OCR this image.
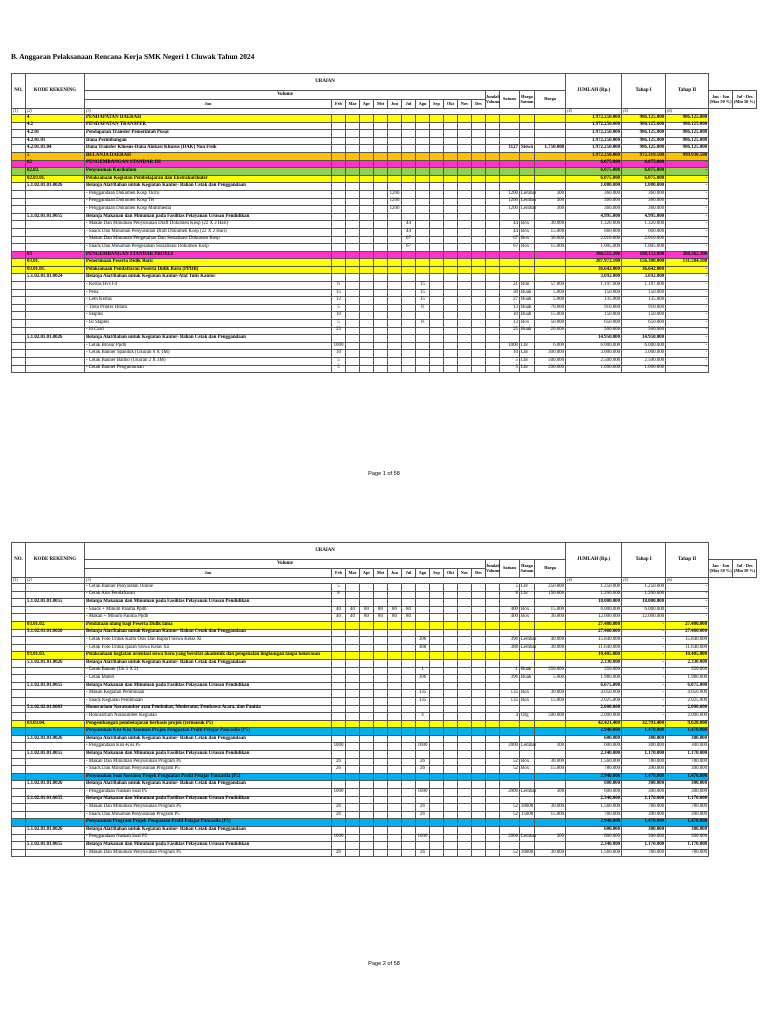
B. Anggaran Pelaksanaan Rencana Kerja SMK Negeri 1 Cluwak Tahun 2024
NO.	KODE REKENING	URAIAN																JUMLAH (Rp.)	Tahap I	Tahap II		
		Volume												Jumlah Volume	Satuan	Harga Satuan	Harga				Jan - Jun (Max 50 %)	Jul - Des (Min 50 %)
		Jan	Feb	Mar	Apr	Mei	Jun	Jul	Agu	Sep	Okt	Nov	Des									
(1)	(2)	(3)																(4)	(5)	(6)		
	4	PENDAPATAN DAERAH																1.972.250.000	986.125.000	986.125.000		
	4.2	PENDAPATAN TRANSFER																1.972.250.000	986.125.000	986.125.000		
	4.2.01	Pendapatan Transfer Pemerintah Pusat																1.972.250.000	986.125.000	986.125.000		
	4.2.01.01	Dana Perimbangan																1.972.250.000	986.125.000	986.125.000		
	4.2.01.01.04	Dana Transfer Khusus-Dana Alokasi Khusus (DAK) Non Fisik													1127	Siswa	1.750.000	1.972.250.000	986.125.000	986.125.000		
	5	BELANJA DAERAH																1.972.250.000	972.319.500	999.930.500		
	02	PENGEMBANGAN STANDAR ISI																6.075.000	6.075.000	-		
	02.03.	Penyusunan Kurikulum																6.075.000	6.075.000	-		
	02.03.01.	Pelaksanaan Kegiatan Pembelajaran dan Ekstrakurikuler																6.075.000	6.075.000	-		
	5.1.02.01.01.0026	Belanja Alat/Bahan untuk Kegiatan Kantor- Bahan Cetak dan Penggandaan																1.080.000	1.080.000	-		
		- Penggandaan Dokumen Kosp Tkrro					1200								1200	Lembar	300	360.000	360.000	-		
		- Penggandaan Dokumen Kosp Tei					1200								1200	Lembar	300	360.000	360.000	-		
		- Penggandaan Dokumen Kosp Multimedia					1200								1200	Lembar	300	360.000	360.000	-		
	5.1.02.01.01.0055	Belanja Makanan dan Minuman pada Fasilitas Pelayanan Urusan Pendidikan																4.995.000	4.995.000	-		
		- Makan Dan Minuman Penyusunan Draft Dokumen Kosp (22 X 2 Hari)						44							44	Box	30.000	1.320.000	1.320.000	-		
		- Snack Dan Minuman Penyusunan Draft Dokumen Kosp (22 X 2 Hari)						44							44	Box	15.000	660.000	660.000	-		
		- Makan Dan Minuman Pengesahan Dan Sosialisasi Dokumen Kosp						67							67	Box	30.000	2.010.000	2.010.000	-		
		- Snack Dan Minuman Pengesahan Sosialisasi Dokumen Kosp						67							67	Box	15.000	1.005.000	1.005.000	-		
	03	PENGEMBANGAN STANDAR PROSES																380.515.300	188.153.000	208.362.300		
	03.01.	Penerimaan Peserta Didik Baru																287.972.100	156.388.000	131.584.100		
	03.01.01.	Pelaksanaan Pendaftaran Peserta Didik Baru (PPDB)																36.642.000	36.642.000	-		
	5.1.02.01.01.0024	Belanja Alat/Bahan untuk Kegiatan Kantor-Alat Tulis Kantor																3.692.000	3.692.000	-		
		- Kertas Hvs F4	6						15						21	Rim	57.000	1.197.000	1.197.000	-		
		- Pena	15						15						30	Buah	5.000	150.000	150.000	-		
		- Lem Kertas	12						15						27	Buah	5.000	135.000	135.000	-		
		- Tinta Printer Hitam	5						8						13	Buah	70.000	910.000	910.000	-		
		- Staples	10												10	Buah	15.000	150.000	150.000	-		
		- Isi Staples	5						8						13	Box	50.000	650.000	650.000	-		
		- Id Card	25												25	Buah	20.000	500.000	500.000	-		
	5.1.02.01.01.0026	Belanja Alat/Bahan untuk Kegiatan Kantor- Bahan Cetak dan Penggandaan																14.950.000	14.950.000	-		
		- Cetak Brosur Ppdb	1000												1000	Lbr	6.000	6.000.000	6.000.000	-		
		- Cetak Banner Spanduk (Ukuran 6 X 1M)	10												10	Lbr	300.000	3.000.000	3.000.000	-		
		- Cetak Banner Baliho (Ukuran 2 X 3M)	5												5	Lbr	500.000	2.500.000	2.500.000	-		
		- Cetak Banner Pengumuman	5												5	Lbr	200.000	1.000.000	1.000.000	-		
Page 1 of 58
NO.	KODE REKENING	URAIAN																JUMLAH (Rp.)	Tahap I	Tahap II		
		Volume												Jumlah Volume	Satuan	Harga Satuan	Harga				Jan - Jun (Max 50 %)	Jul - Des (Min 50 %)
		Jan	Feb	Mar	Apr	Mei	Jun	Jul	Agu	Sep	Okt	Nov	Des									
(1)	(2)	(3)																(4)	(5)	(6)		
		- Cetak Banner Penyaratan Online	5												5	Lbr	250.000	1.250.000	1.250.000	-		
		- Cetak Alur Pendaftaran	8												8	Lbr	150.000	1.200.000	1.200.000	-		
	5.1.02.01.01.0055	Belanja Makanan dan Minuman pada Fasilitas Pelayanan Urusan Pendidikan																18.000.000	18.000.000	-		
		- Snack + Minum Panitia Ppdb	40	40	80	80	80	80							400	Box	15.000	6.000.000	6.000.000	-		
		- Makan + Minum Panitia Ppdb	40	40	80	80	80	80							400	Box	30.000	12.000.000	12.000.000	-		
	03.01.02.	Pendataan ulang bagi Peserta Didik lama																27.480.000	-	27.480.000		
	5.1.02.01.01.0026	Belanja Alat/Bahan untuk Kegiatan Kantor- Bahan Cetak dan Penggandaan																27.480.000	-	27.480.000		
		- Cetak Foto Untuk Kartu Osis Dan Raport Siswa Kelas Xi							396						396	Lembar	40.000	15.840.000	-	15.840.000		
		- Cetak Foto Untuk Ijasah Siswa Kelas Xii							388						388	Lembar	30.000	11.640.000	-	11.640.000		
	03.01.03.	Pelaksanaan kegiatan orientasi siswa baru yang bersifat akademik dan pengenalan lingkungan tanpa kekerasan																10.405.000	-	10.405.000		
	5.1.02.01.01.0026	Belanja Alat/Bahan untuk Kegiatan Kantor- Bahan Cetak dan Penggandaan																2.330.000	-	2.330.000		
		- Cetak Banner (Uk 3 X 2)							1						1	Buah	350.000	350.000	-	350.000		
		- Cetak Materi							396						396	Buah	5.000	1.980.000	-	1.980.000		
	5.1.02.01.01.0055	Belanja Makanan dan Minuman pada Fasilitas Pelayanan Urusan Pendidikan																6.075.000	-	6.075.000		
		- Makan Kegiatan Pembinaan							135						135	Box	30.000	4.050.000	-	4.050.000		
		- Snack Kegiatan Pembinaan							135						135	Box	15.000	2.025.000	-	2.025.000		
	5.1.02.02.01.0003	Honorarium Narasumber atau Pembahas, Moderator, Pembawa Acara, dan Panitia																2.000.000	-	2.000.000		
		- Honorarium Narasumber Kegiatan							4						4	Org	500.000	2.000.000	-	2.000.000		
	03.03.04.	Pengembangan pembelajaran berbasis projek (termasuk P5)																42.421.400	32.793.400	9.628.000		
		Penyusunan Kisi-Kisi Asesmen Projek Penguatan Profil Pelajar Pancasila (P5)																2.940.000	1.470.000	1.470.000		
	5.1.02.01.01.0026	Belanja Alat/Bahan untuk Kegiatan Kantor- Bahan Cetak dan Penggandaan																600.000	300.000	300.000		
		- Penggandaan Kisi-Kisi P5	1000						1000						2000	Lembar	300	600.000	300.000	300.000		
	5.1.02.01.01.0055	Belanja Makanan dan Minuman pada Fasilitas Pelayanan Urusan Pendidikan																2.340.000	1.170.000	1.170.000		
		- Makan Dan Minuman Penyusunan Program P5	26						26						52	Box	30.000	1.560.000	780.000	780.000		
		- Snack Dan Minuman Penyusunan Program P5	26						26						52	Box	15.000	780.000	390.000	390.000		
		Penyusunan Soal Asesmen Projek Penguatan Profil Pelajar Pancasila (P5)																2.940.000	1.470.000	1.470.000		
	5.1.02.01.01.0026	Belanja Alat/Bahan untuk Kegiatan Kantor- Bahan Cetak dan Penggandaan																600.000	300.000	300.000		
		- Penggandaan Naskah Soal P5	1000						1000						2000	Lembar	300	600.000	300.000	300.000		
	5.1.02.01.01.0055	Belanja Makanan dan Minuman pada Fasilitas Pelayanan Urusan Pendidikan																2.340.000	1.170.000	1.170.000		
		- Makan Dan Minuman Penyusunan Program P5	26						26						52	30000	30.000	1.560.000	780.000	780.000		
		- Snack Dan Minuman Penyusunan Program P5	26						26						52	15000	15.000	780.000	390.000	390.000		
		Penyusunan Program Projek Penguatan Profil Pelajar Pancasila (P5)																2.940.000	1.470.000	1.470.000		
	5.1.02.01.01.0026	Belanja Alat/Bahan untuk Kegiatan Kantor- Bahan Cetak dan Penggandaan																600.000	300.000	300.000		
		- Penggandaan Naskah Soal P5	1000						1000						2000	Lembar	300	600.000	300.000	300.000		
	5.1.02.01.01.0055	Belanja Makanan dan Minuman pada Fasilitas Pelayanan Urusan Pendidikan																2.340.000	1.170.000	1.170.000		
		- Makan Dan Minuman Penyusunan Program P5	26						26						52	30000	30.000	1.560.000	780.000	780.000		
Page 2 of 58
